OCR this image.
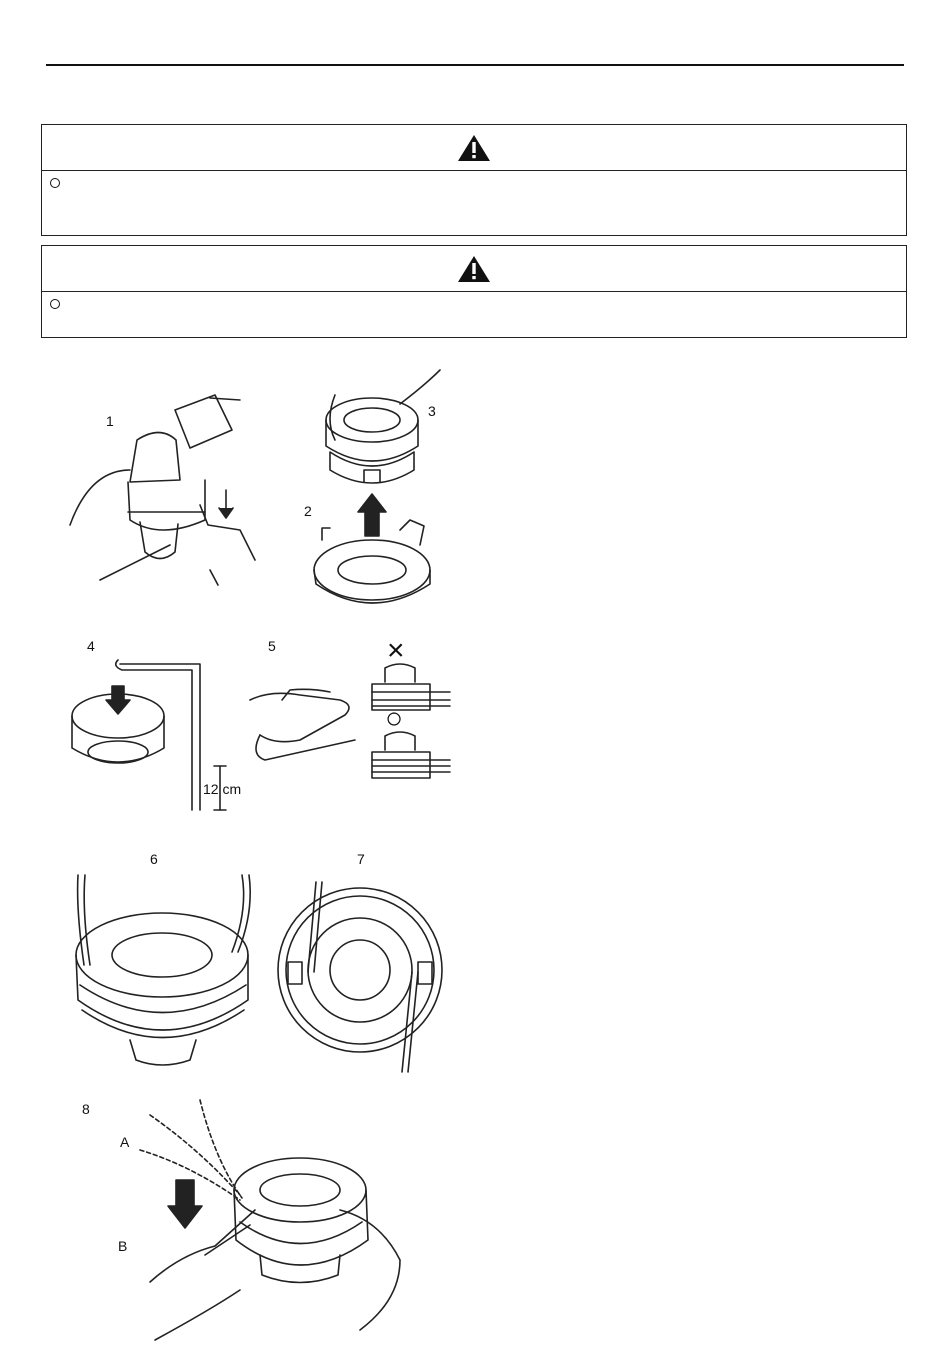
1
2
3
4	5
6	7
8
A
B
12 cm
×
○
